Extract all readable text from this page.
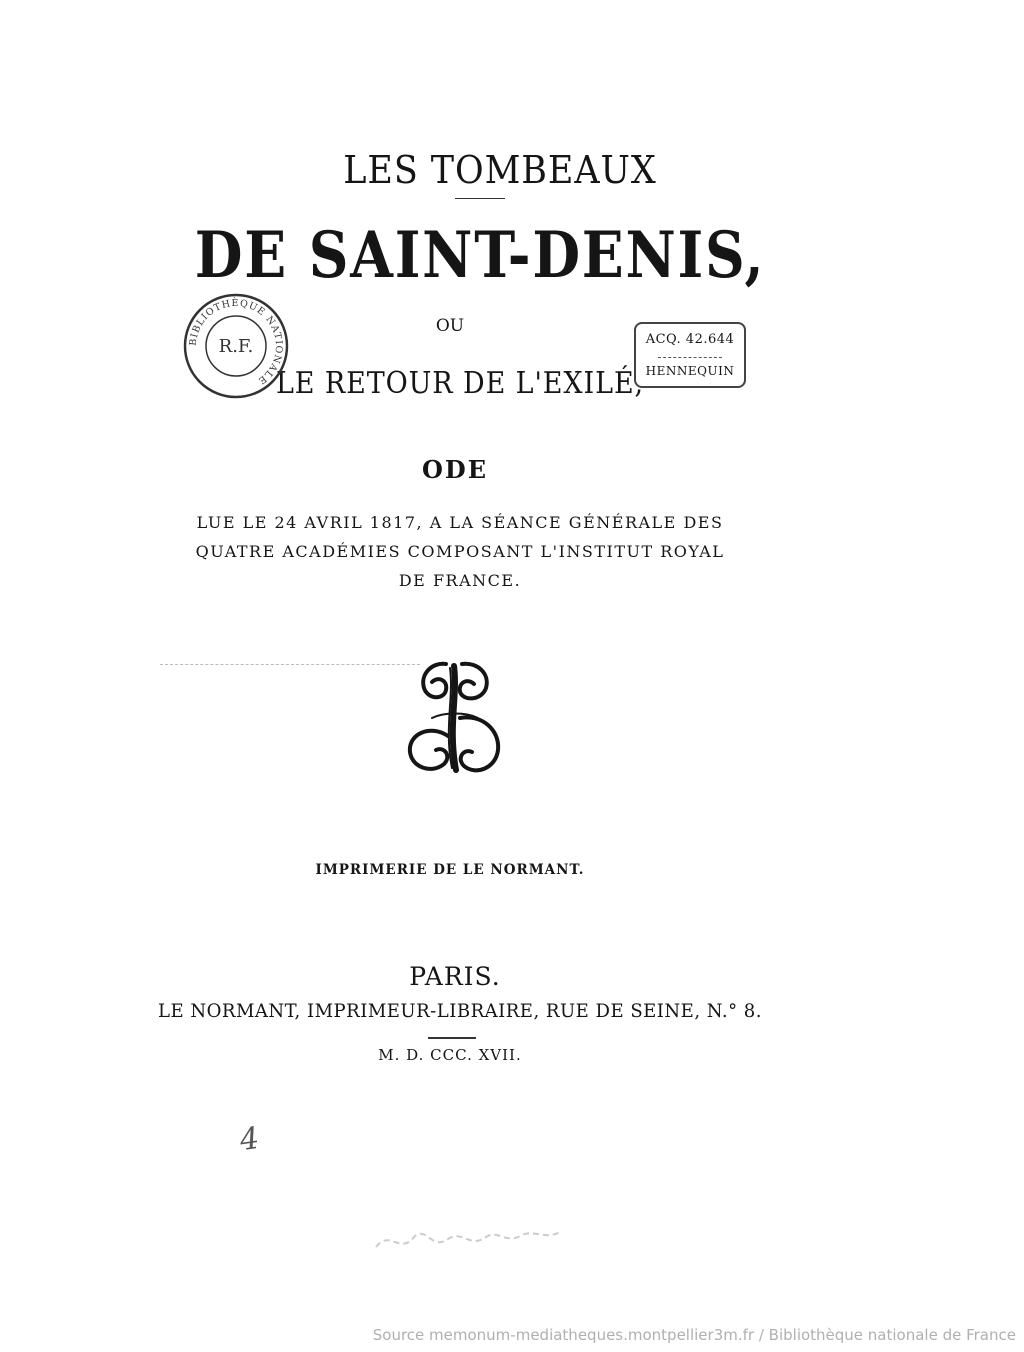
LES TOMBEAUX
DE SAINT-DENIS,
OU
LE RETOUR DE L'EXILÉ,
BIBLIOTHÈQUE NATIONALE
R.F.	ACQ. 42.644
HENNEQUIN
ODE
LUE LE 24 AVRIL 1817, A LA SÉANCE GÉNÉRALE DES
QUATRE ACADÉMIES COMPOSANT L'INSTITUT ROYAL
DE FRANCE.
IMPRIMERIE DE LE NORMANT.
PARIS.
LE NORMANT, IMPRIMEUR-LIBRAIRE, RUE DE SEINE, N.° 8.
M. D. CCC. XVII.
4
Source memonum-mediatheques.montpellier3m.fr / Bibliothèque nationale de France
